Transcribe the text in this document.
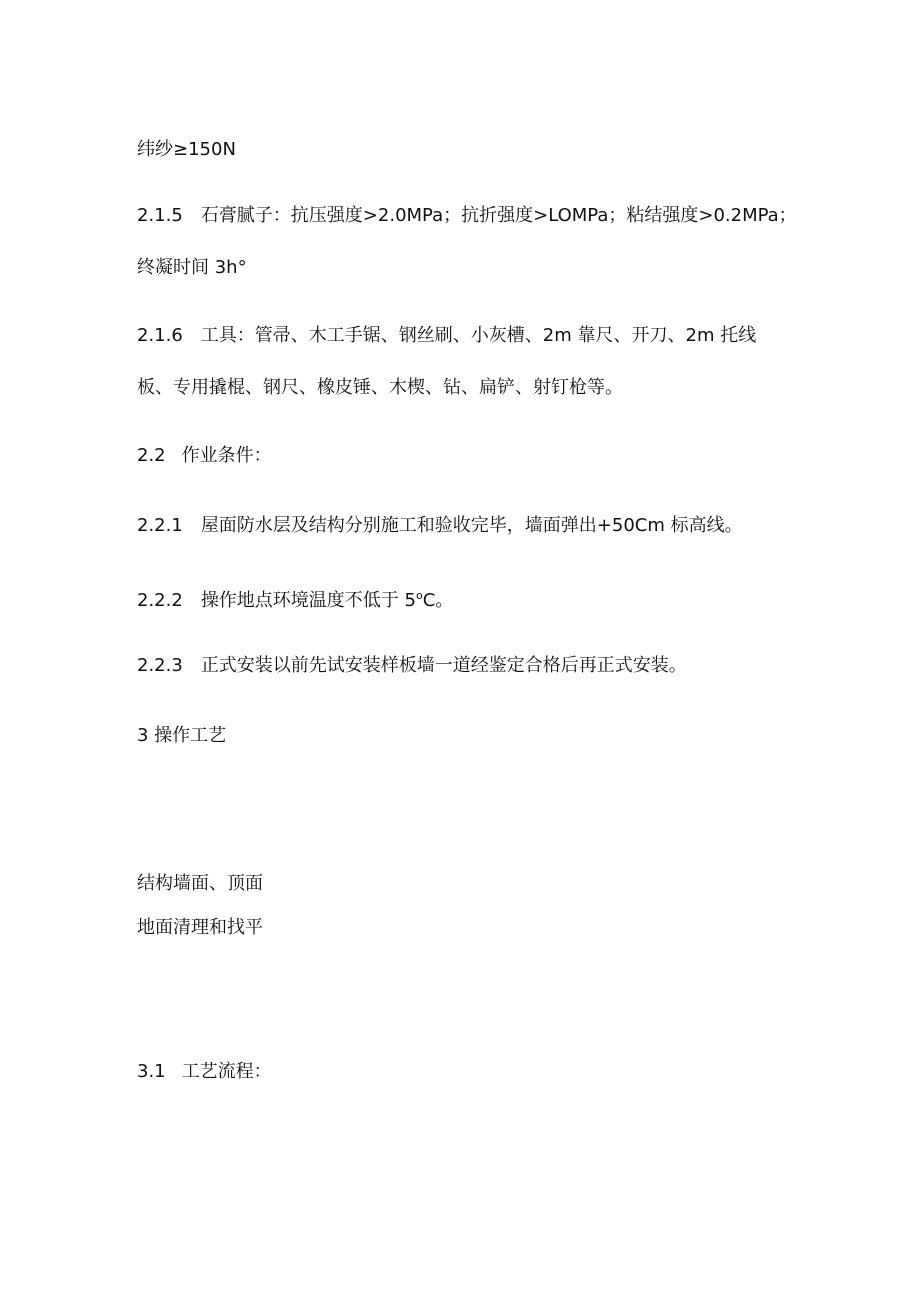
纬纱≥150N
2.1.5 石膏腻子：抗压强度>2.0MPa；抗折强度>LOMPa；粘结强度>0.2MPa；
终凝时间 3h°
2.1.6 工具：管帚、木工手锯、钢丝刷、小灰槽、2m 靠尺、开刀、2m 托线
板、专用撬棍、钢尺、橡皮锤、木楔、钻、扁铲、射钉枪等。
2.2 作业条件：
2.2.1 屋面防水层及结构分别施工和验收完毕，墙面弹出+50Cm 标高线。
2.2.2 操作地点环境温度不低于 5$^o$C。
2.2.3 正式安装以前先试安装样板墙一道经鉴定合格后再正式安装。
3 操作工艺
结构墙面、顶面
地面清理和找平
3.1 工艺流程：
